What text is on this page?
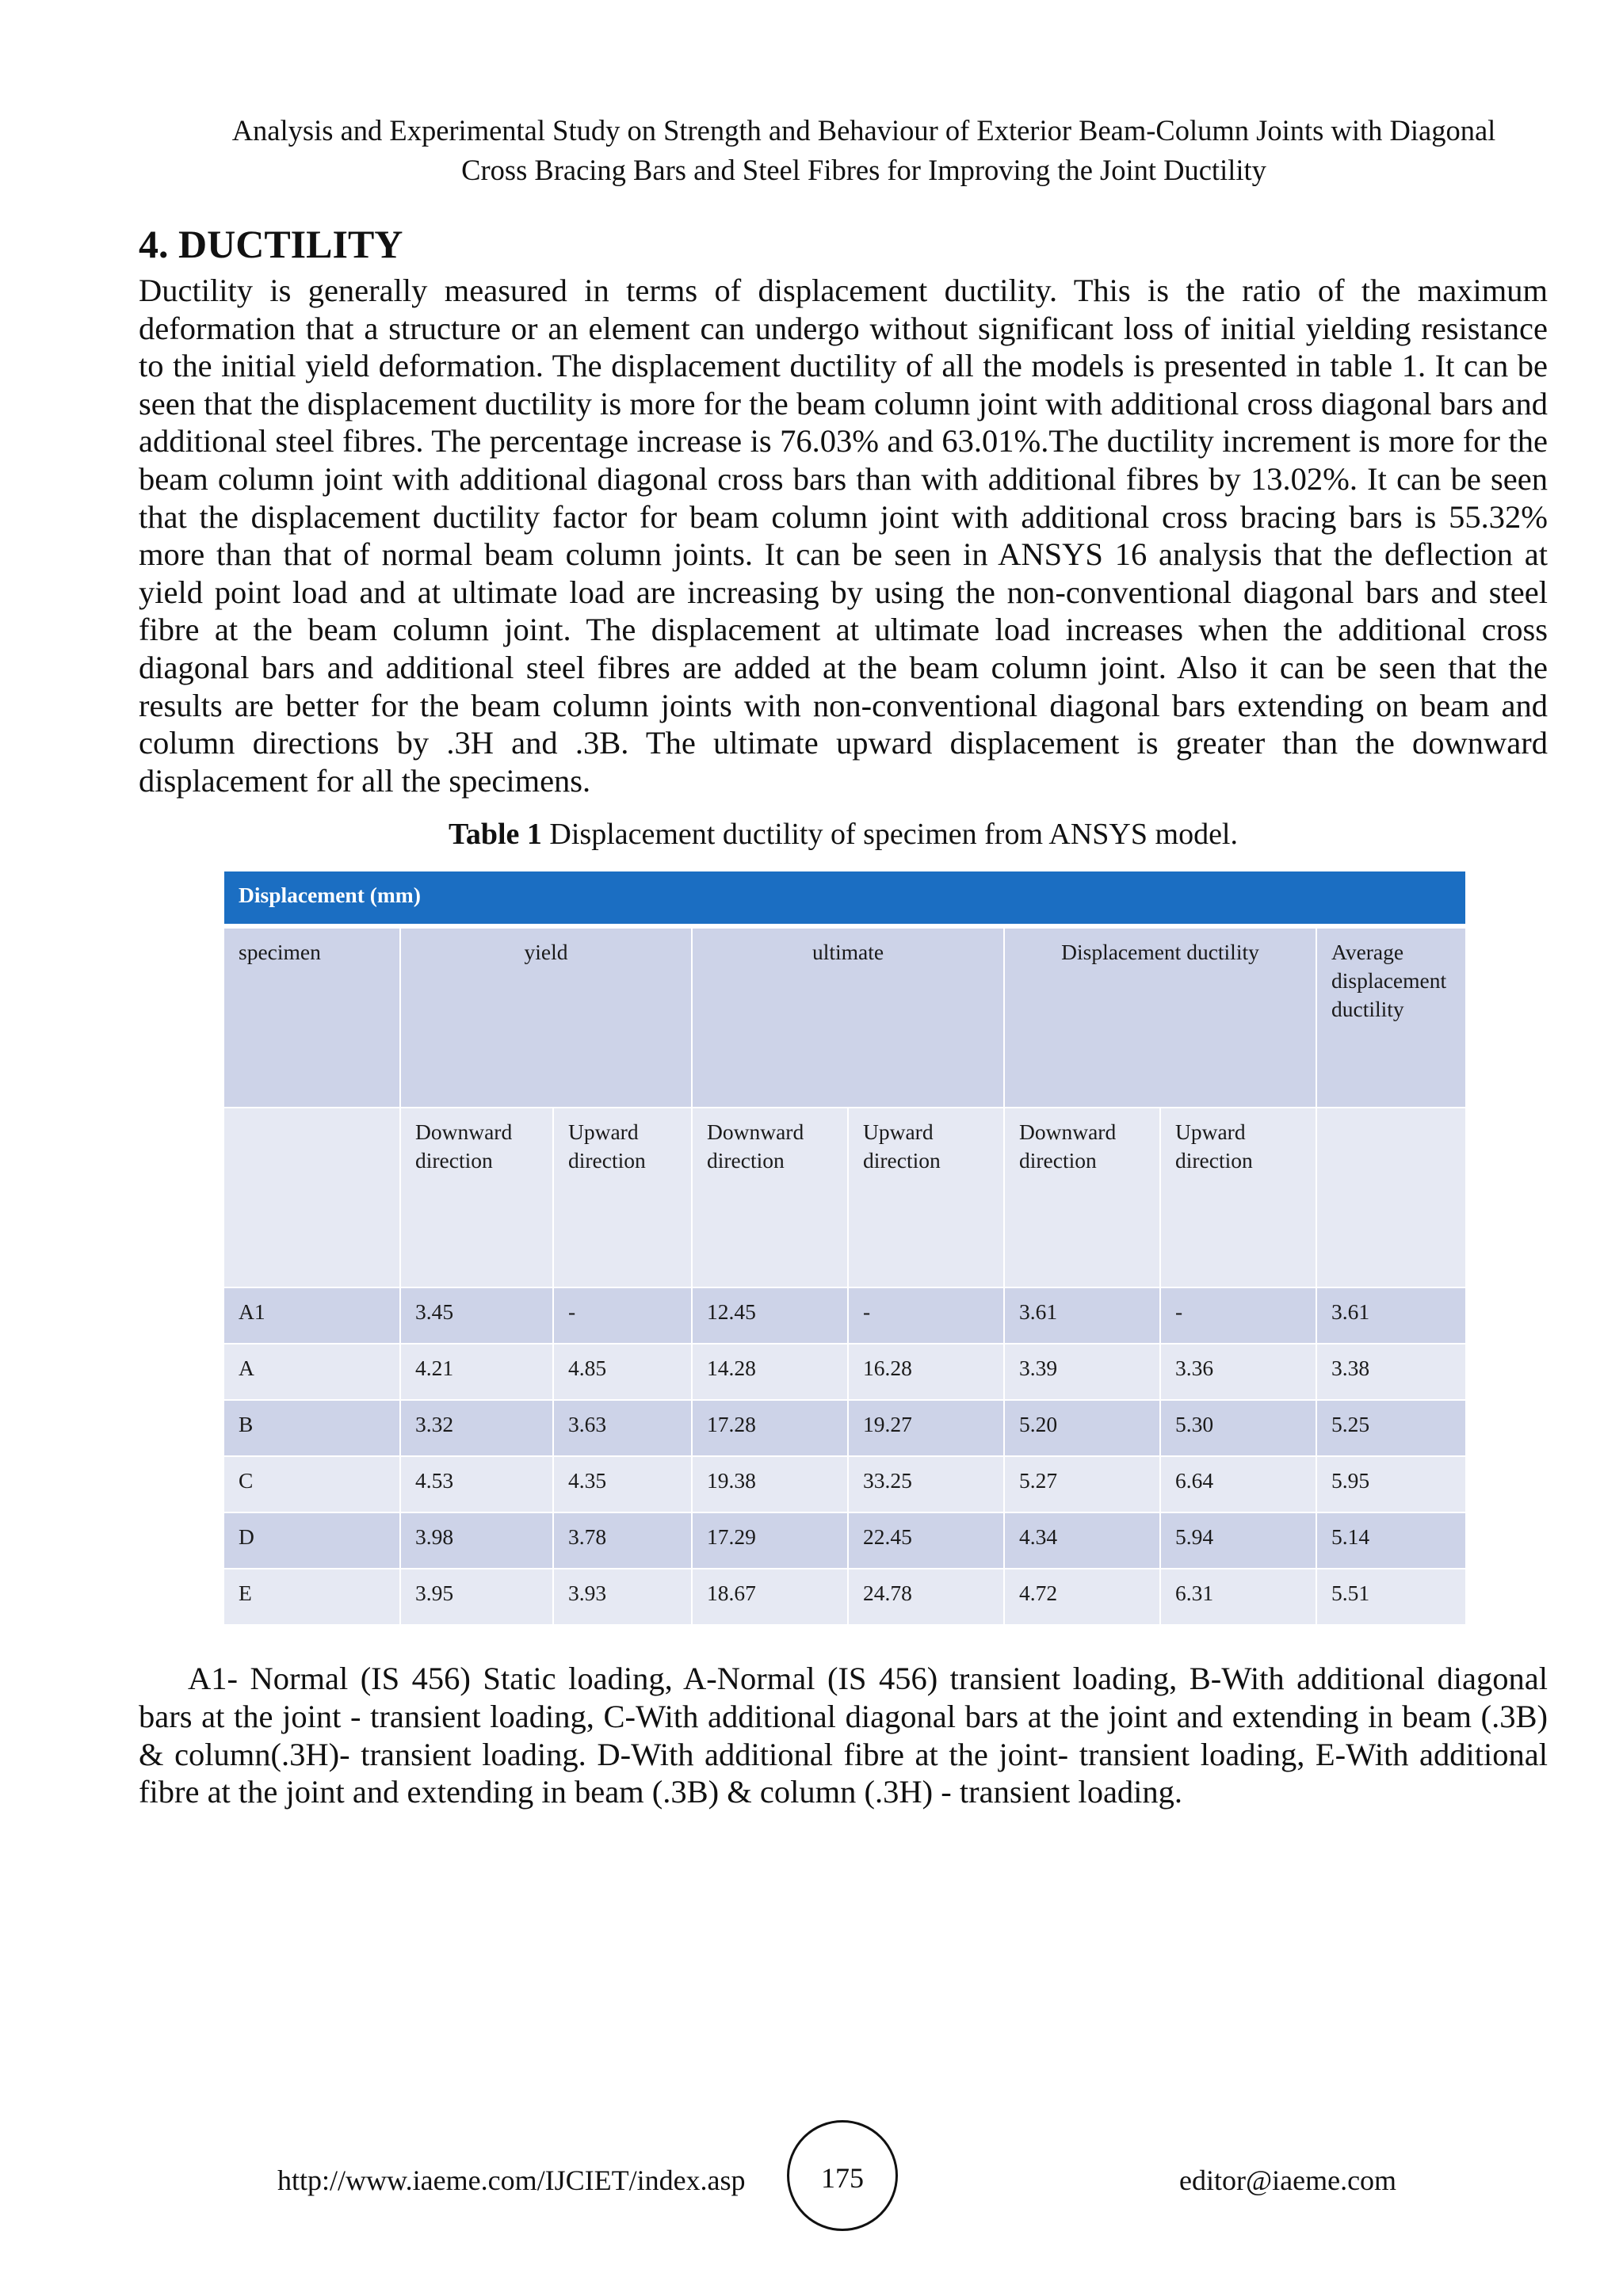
Analysis and Experimental Study on Strength and Behaviour of Exterior Beam-Column Joints with Diagonal
Cross Bracing Bars and Steel Fibres for Improving the Joint Ductility
4. DUCTILITY

Ductility is generally measured in terms of displacement ductility. This is the ratio of the maximum deformation that a structure or an element can undergo without significant loss of initial yielding resistance to the initial yield deformation. The displacement ductility of all the models is presented in table 1. It can be seen that the displacement ductility is more for the beam column joint with additional cross diagonal bars and additional steel fibres. The percentage increase is 76.03% and 63.01%.The ductility increment is more for the beam column joint with additional diagonal cross bars than with additional fibres by 13.02%. It can be seen that the displacement ductility factor for beam column joint with additional cross bracing bars is 55.32% more than that of normal beam column joints. It can be seen in ANSYS 16 analysis that the deflection at yield point load and at ultimate load are increasing by using the non-conventional diagonal bars and steel fibre at the beam column joint. The displacement at ultimate load increases when the additional cross diagonal bars and additional steel fibres are added at the beam column joint. Also it can be seen that the results are better for the beam column joints with non-conventional diagonal bars extending on beam and column directions by .3H and .3B. The ultimate upward displacement is greater than the downward displacement for all the specimens.

Table 1 Displacement ductility of specimen from ANSYS model.
Displacement (mm)							
specimen	yield		ultimate		Displacement ductility		Average displacement ductility
	Downward direction	Upward direction	Downward direction	Upward direction	Downward direction	Upward direction	
A1	3.45	-	12.45	-	3.61	-	3.61
A	4.21	4.85	14.28	16.28	3.39	3.36	3.38
B	3.32	3.63	17.28	19.27	5.20	5.30	5.25
C	4.53	4.35	19.38	33.25	5.27	6.64	5.95
D	3.98	3.78	17.29	22.45	4.34	5.94	5.14
E	3.95	3.93	18.67	24.78	4.72	6.31	5.51

A1- Normal (IS 456) Static loading, A-Normal (IS 456) transient loading, B-With additional diagonal bars at the joint - transient loading, C-With additional diagonal bars at the joint and extending in beam (.3B) & column(.3H)- transient loading. D-With additional fibre at the joint- transient loading, E-With additional fibre at the joint and extending in beam (.3B) & column (.3H) - transient loading.

http://www.iaeme.com/IJCIET/index.asp	175	editor@iaeme.com
